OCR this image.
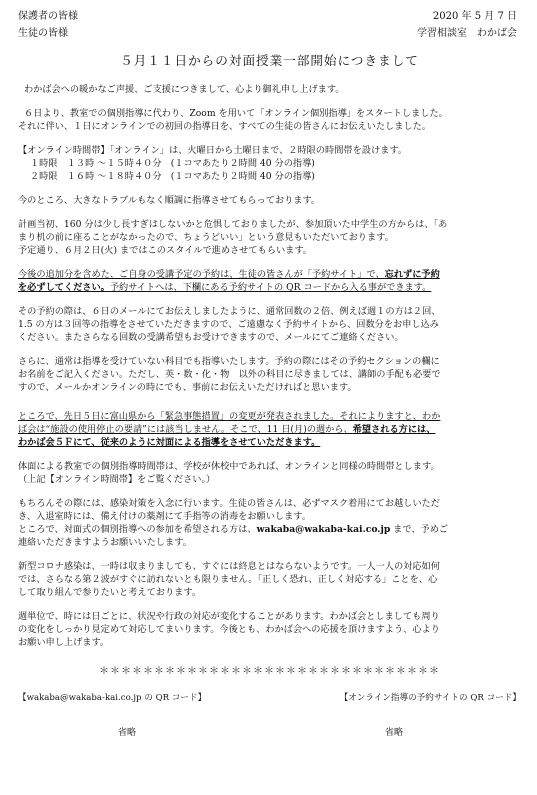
保護者の皆様
生徒の皆様
2020 年 5 月 7 日
学習相談室　わかば会
５月１１日からの対面授業一部開始につきまして

わかば会への暖かなご声援、ご支援につきまして、心より御礼申し上げます。

６日より、教室での個別指導に代わり、Zoom を用いて「オンライン個別指導」をスタートしました。
それに伴い、１日にオンラインでの初回の指導日を、すべての生徒の皆さんにお伝えいたしました。

【オンライン時間帯】「オンライン」は、火曜日から土曜日まで、２時限の時間帯を設けます。
１時限　１３時 ～１５時４０分　(１コマあたり２時間 40 分の指導)
２時限　１６時 ～１８時４０分　(１コマあたり２時間 40 分の指導)

今のところ、大きなトラブルもなく順調に指導させてもらっております。

計画当初、160 分は少し長すぎはしないかと危惧しておりましたが、参加頂いた中学生の方からは、「あ
まり机の前に座ることがなかったので、ちょうどいい」という意見もいただいております。
予定通り、６月２日(火) まではこのスタイルで進めさせてもらいます。

今後の追加分を含めた、ご自身の受講予定の予約は、生徒の皆さんが「予約サイト」で、忘れずに予約
を必ずしてください。予約サイトへは、下欄にある予約サイトの QR コードから入る事ができます。

その予約の際は、６日のメールにてお伝えしましたように、通常回数の２倍、例えば週１の方は２回、
1.5 の方は３回等の指導をさせていただきますので、ご遠慮なく予約サイトから、回数分をお申し込み
ください。またさらなる回数の受講希望もお受けできますので、メールにてご連絡ください。

さらに、通常は指導を受けていない科目でも指導いたします。予約の際にはその予約セクションの欄に
お名前をご記入ください。ただし、英・数・化・物　以外の科目に尽きましては、講師の手配も必要で
すので、メールかオンラインの時にでも、事前にお伝えいただければと思います。

ところで、先日５日に富山県から「緊急事態措置」の変更が発表されました。それによりますと、わか
ば会は“施設の使用停止の要請”には該当しません。そこで、11 日(月)の週から、希望される方には、
わかば会５Ｆにて、従来のように対面による指導をさせていただきます。

体面による教室での個別指導時間帯は、学校が休校中であれば、オンラインと同様の時間帯とします。
（上記【オンライン時間帯】をご覧ください。）

もちろんその際には、感染対策を入念に行います。生徒の皆さんは、必ずマスク着用にてお越しいただ
き、入退室時には、備え付けの薬剤にて手指等の消毒をお願いします。

ところで、対面式の個別指導への参加を希望される方は、wakaba@wakaba-kai.co.jp まで、予めご
連絡いただきますようお願いいたします。

新型コロナ感染は、一時は収まりましても、すぐには終息とはならないようです。一人一人の対応如何
では、さらなる第２波がすぐに訪れないとも限りません。「正しく恐れ、正しく対応する」ことを、心
して取り組んで参りたいと考えております。

週単位で、時には日ごとに、状況や行政の対応が変化することがあります。わかば会としましても周り
の変化をしっかり見定めて対応してまいります。今後とも、わかば会への応援を頂けますよう、心より
お願い申し上げます。

＊＊＊＊＊＊＊＊＊＊＊＊＊＊＊＊＊＊＊＊＊＊＊＊＊＊＊＊＊＊＊
【wakaba@wakaba-kai.co.jp の QR コード】	【オンライン指導の予約サイトの QR コード】
省略	省略
